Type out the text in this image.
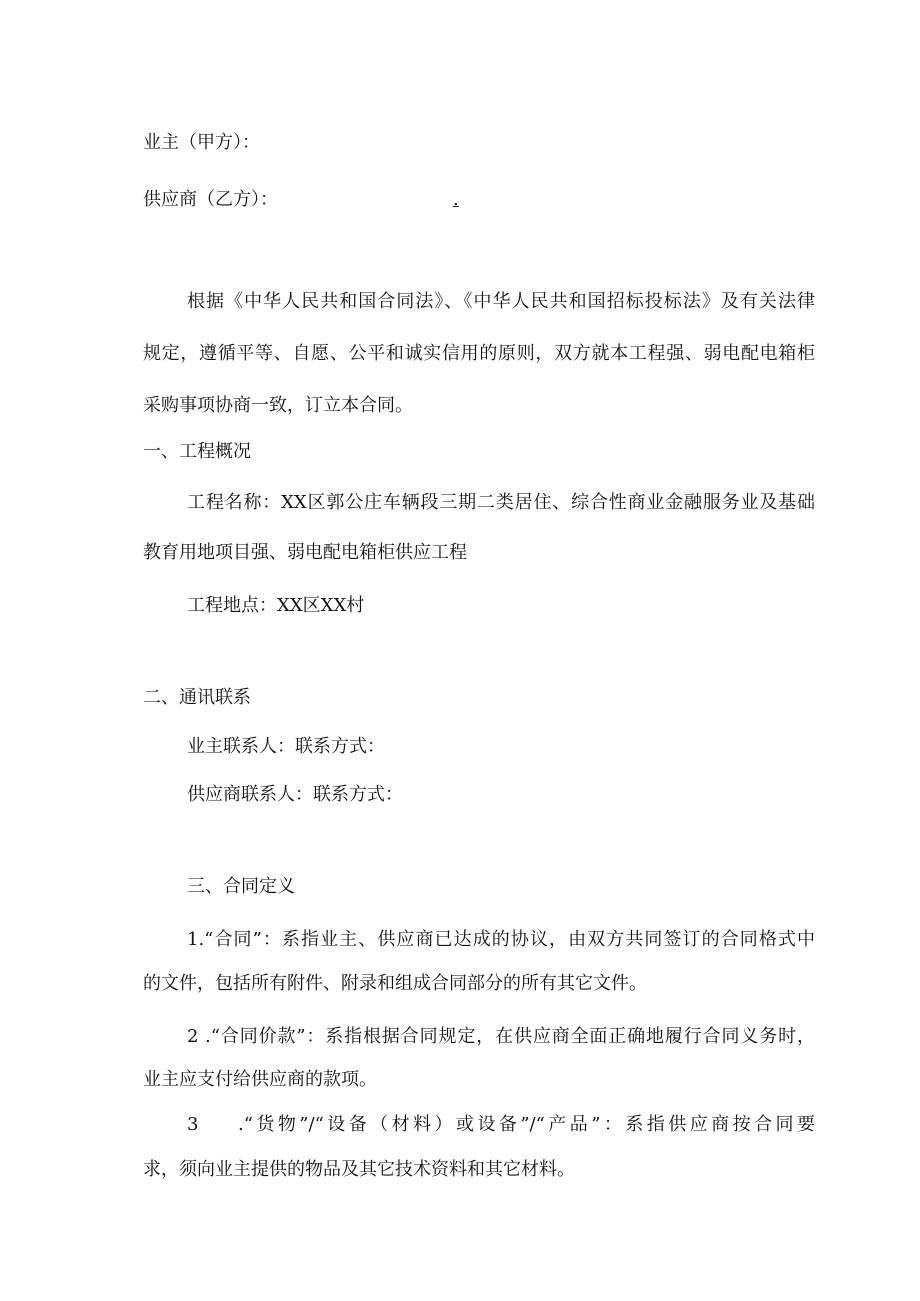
业主（甲方）：
供应商（乙方）：	.
根据《中华人民共和国合同法》、《中华人民共和国招标投标法》及有关法律
规定，遵循平等、自愿、公平和诚实信用的原则，双方就本工程强、弱电配电箱柜
采购事项协商一致，订立本合同。
一、工程概况
工程名称：XX区郭公庄车辆段三期二类居住、综合性商业金融服务业及基础
教育用地项目强、弱电配电箱柜供应工程
工程地点：XX区XX村
二、通讯联系
业主联系人：联系方式：
供应商联系人：联系方式：
三、合同定义
1.“合同”：系指业主、供应商已达成的协议，由双方共同签订的合同格式中
的文件，包括所有附件、附录和组成合同部分的所有其它文件。
2 .“合同价款”：系指根据合同规定，在供应商全面正确地履行合同义务时，
业主应支付给供应商的款项。
3	.“货物”/“设备（材料）或设备”/“产品”：系指供应商按合同要
求，须向业主提供的物品及其它技术资料和其它材料。
